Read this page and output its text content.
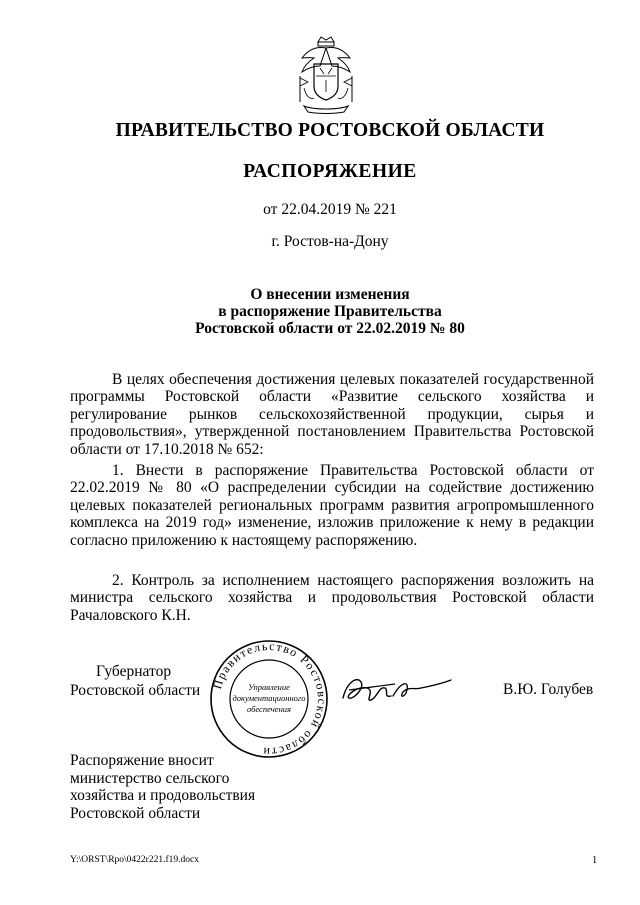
ПРАВИТЕЛЬСТВО РОСТОВСКОЙ ОБЛАСТИ
РАСПОРЯЖЕНИЕ
от 22.04.2019 № 221
г. Ростов-на-Дону
О внесении изменения
в распоряжение Правительства
Ростовской области от 22.02.2019 № 80
В целях обеспечения достижения целевых показателей государственной программы Ростовской области «Развитие сельского хозяйства и регулирование рынков сельскохозяйственной продукции, сырья и продовольствия», утвержденной постановлением Правительства Ростовской области от 17.10.2018 № 652:
1. Внести в распоряжение Правительства Ростовской области от 22.02.2019 № 80 «О распределении субсидии на содействие достижению целевых показателей региональных программ развития агропромышленного комплекса на 2019 год» изменение, изложив приложение к нему в редакции согласно приложению к настоящему распоряжению.
2. Контроль за исполнением настоящего распоряжения возложить на министра сельского хозяйства и продовольствия Ростовской области Рачаловского К.Н.
Губернатор
Ростовской области Правительство Ростовской области
Управление
документационного
обеспечения
В.Ю. Голубев
Распоряжение вносит
министерство сельского
хозяйства и продовольствия
Ростовской области
Y:\ORST\Rpo\0422r221.f19.docx	1
